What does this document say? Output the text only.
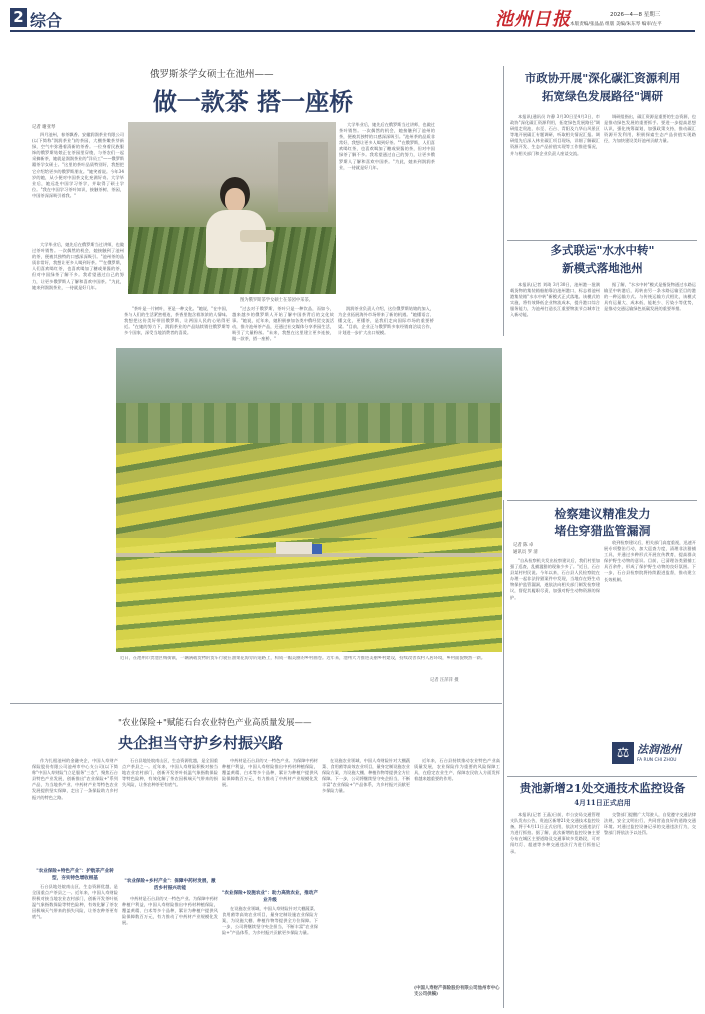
2 综合	池州日报	2026—4—8 星期三
本版责编/张晶晶 组版 美编/朱东琴 编审/左平
俄罗斯茶学女硕士在池州——
做一款茶 搭一座桥
记者 谢亚琴
四月池州，春茶飘香。安徽润润茶业有限公司(以下简称"润润茶业")的茶园，大棚茶嫩茶芽新绿，空气中弥漫着清新的茶香。一位身着民族服饰的俄罗斯姑娘正在茶园里穿梭，与茶农们一起采摘新茶，她就是润润茶业的"洋员工"——俄罗斯籍茶学女硕士。"这里的茶叶品质特别好，我想把它介绍给更多的俄罗斯朋友。"她笑着说。今年34岁的她，从小便对中国茶文化充满好奇。大学毕业后，她远赴中国学习茶学，并取得了硕士学位。"我在中国学习茶叶知识，接触茶树、茶园，中国茶深深吸引着我。"
大学毕业后，她先后在俄罗斯当过讲师，也做过茶叶销售。一次偶然的机会，她接触到了池州的茶，便被其独特的口感深深吸引。"池州茶的品质非常好，我想让更多人喝到好茶。""在俄罗斯，人们喜欢喝红茶，也喜欢喝加了糖或果酱的茶，但对中国绿茶了解不多。我希望通过自己的努力，让更多俄罗斯人了解和喜欢中国茶。"为此，她来到润润茶业，一待就是好几年。
图为俄罗斯茶学女硕士在茶园中采茶。
大学毕业后，她先后在俄罗斯当过讲师，也做过茶叶销售。一次偶然的机会，她接触到了池州的茶，便被其独特的口感深深吸引。"池州茶的品质非常好，我想让更多人喝到好茶。""在俄罗斯，人们喜欢喝红茶，也喜欢喝加了糖或果酱的茶，但对中国绿茶了解不多。我希望通过自己的努力，让更多俄罗斯人了解和喜欢中国茶。"为此，她来到润润茶业，一待就是好几年。
"茶叶是一片树叶，更是一种文化。"她说，"在中国，茶与人们的生活紧密相连，茶香里饱含着浓浓的人情味。我想把这份美好带回俄罗斯，让两国人民的心贴得更近。"在她的努力下，润润茶业的产品陆续销往俄罗斯等多个国家，深受当地消费者的喜爱。
"过去对于俄罗斯，茶叶只是一种饮品，而如今，越来越多的俄罗斯人开始了解中国茶背后的文化故事。"她说，近年来，她积极参加各类中俄经贸交流活动，推介池州茶产品，还通过社交媒体分享茶园生活，吸引了大量粉丝。"未来，我想在这里建立更多连接，做一款茶，搭一座桥。"
润润茶业负责人介绍，这位俄罗斯姑娘的加入，为企业拓展海外市场带来了新的机遇。"她懂语言、懂文化，更懂茶，是我们走向国际市场的重要桥梁。"目前，企业正与俄罗斯多家经销商洽谈合作，计划进一步扩大出口规模。
市政协开展"深化碳汇资源利用
拓宽绿色发展路径"调研
本报讯(通讯员 许静 3月30日至4月3日，市政协"深化碳汇资源利用，拓宽绿色发展路径"调研组走贵池、东至、石台、青阳及九华山风景区等地开展碳汇专题调研，听取相关情况汇报。调研组先后深入林业碳汇项目现场，详细了解碳汇资源开发、生态产品价值实现等工作推进情况，并与相关部门和企业负责人座谈交流。
调研组指出，碳汇资源是重要的生态资源，也是推动绿色发展的重要抓手。要进一步提高思想认识，强化统筹谋划，加强政策支持，推动碳汇资源开发利用，积极探索生态产品价值实现路径，为加快建设美好池州贡献力量。
多式联运"水水中转"
新模式落地池州
本报讯(记者 刘琦 3月30日，池州港一批满载货物的集装箱船舶靠泊池州港口，标志着池州港集装箱"水水中转"新模式正式落地。该模式的实施，将有效降低企业物流成本，提升港口综合服务能力，为池州打造长江重要物流节点城市注入新动能。
据了解，"水水中转"模式是指货物通过水路运输至中转港后，再转由另一条水路运输至目的港的一种运输方式。与传统运输方式相比，该模式具有运量大、成本低、能耗少、污染小等优势，是推动交通运输绿色低碳发展的重要举措。
近日，在池州市贵池区梅街镇，一辆满载货物的货车行驶在油菜花海旁的道路上，构成一幅美丽的乡村画卷。近年来，池州大力推进美丽乡村建设，持续改善农村人居环境，乡村面貌焕然一新。
记者 汪萍萍 摄
检察建议精准发力
堵住穿猎监管漏洞
记者 陈 卓
通讯员 罗 清
"自从检察机关发出检察建议后，我们村里加强了巡查，乱捕滥猎的现象少多了。"近日，石台县某村村民说。今年以来，石台县人民检察院在办理一起非法狩猎案件中发现，当地存在野生动物保护监管漏洞，遂依法向相关部门制发检察建议，督促其履职尽责，加强对野生动物资源的保护。
收到检察建议后，相关部门高度重视，迅速开展专项整治行动，加大巡查力度，清理非法猎捕工具，并通过多种形式开展宣传教育，提高群众保护野生动物的意识。目前，已清理各类猎捕工具百余件，形成了保护野生动物的良好氛围。下一步，石台县检察院将持续跟进监督，推动建立长效机制。
⚖ 法润池州
FA RUN CHI ZHOU
贵池新增21处交通技术监控设备
4月11日正式启用
本报讯(记者 王晶)日前，市公安局交通管理支队发布公告，贵池区新增21处交通技术监控设备，将于4月11日正式启用，依法对交通违法行为进行抓拍。据了解，此次新增的监控设备主要分布在城区主要道路及交通事故多发路段，可对闯红灯、超速等多种交通违法行为进行抓拍记录。
交警部门提醒广大驾驶人，自觉遵守交通法律法规，安全文明出行，共同营造良好的道路交通环境。对通过监控设备记录的交通违法行为，交警部门将依法予以处罚。
"农业保险+"赋能石台农业特色产业高质量发展——
央企担当守护乡村振兴路
作为扎根池州的金融央企，中国人寿财产保险股份有限公司池州市中心支公司(以下简称"中国人寿财险")立足服务"三农"，聚焦石台县特色产业发展，创新推出"农业保险+"系列产品，为当地茶产业、中药材产业等特色农业发展提供坚实保障，走出了一条保险助力乡村振兴的特色之路。
"农业保险+特色产业"：护航茶产业转型，夯实特色增收根基
石台县地处皖南山区，生态资源优越，是全国重点产茶县之一。近年来，中国人寿财险积极对接当地农业农村部门，创新开发茶叶低温气象指数保险等特色险种，有效化解了茶农因极端天气带来的损失风险，让茶农种茶更有底气。
石台县地处皖南山区，生态资源优越，是全国重点产茶县之一。近年来，中国人寿财险积极对接当地农业农村部门，创新开发茶叶低温气象指数保险等特色险种，有效化解了茶农因极端天气带来的损失风险，让茶农种茶更有底气。
"农业保险+乡村产业"：保障中药材发展，激活乡村振兴动能
中药材是石台县的又一特色产业。为保障中药材种植户利益，中国人寿财险推出中药材种植保险，覆盖黄精、白术等多个品种，累计为种植户提供风险保障数百万元，有力推动了中药材产业规模化发展。
中药材是石台县的又一特色产业。为保障中药材种植户利益，中国人寿财险推出中药材种植保险，覆盖黄精、白术等多个品种，累计为种植户提供风险保障数百万元，有力推动了中药材产业规模化发展。
"农业保险+设施农业"：助力高效农业，推动产业升级
在设施农业领域，中国人寿财险针对大棚蔬菜、食用菌等高效农业项目，量身定制设施农业保险方案，为设施大棚、种植作物等提供全方位保障。下一步，公司将继续坚守央企担当，不断丰富"农业保险+"产品体系，为乡村振兴贡献更多保险力量。
在设施农业领域，中国人寿财险针对大棚蔬菜、食用菌等高效农业项目，量身定制设施农业保险方案，为设施大棚、种植作物等提供全方位保障。下一步，公司将继续坚守央企担当，不断丰富"农业保险+"产品体系，为乡村振兴贡献更多保险力量。
近年来，石台县持续推动农业特色产业高质量发展，农业保险作为重要的风险保障工具，在稳定农业生产、保障农民收入方面发挥着越来越重要的作用。
(中国人寿财产保险股份有限公司池州市中心支公司供稿)
